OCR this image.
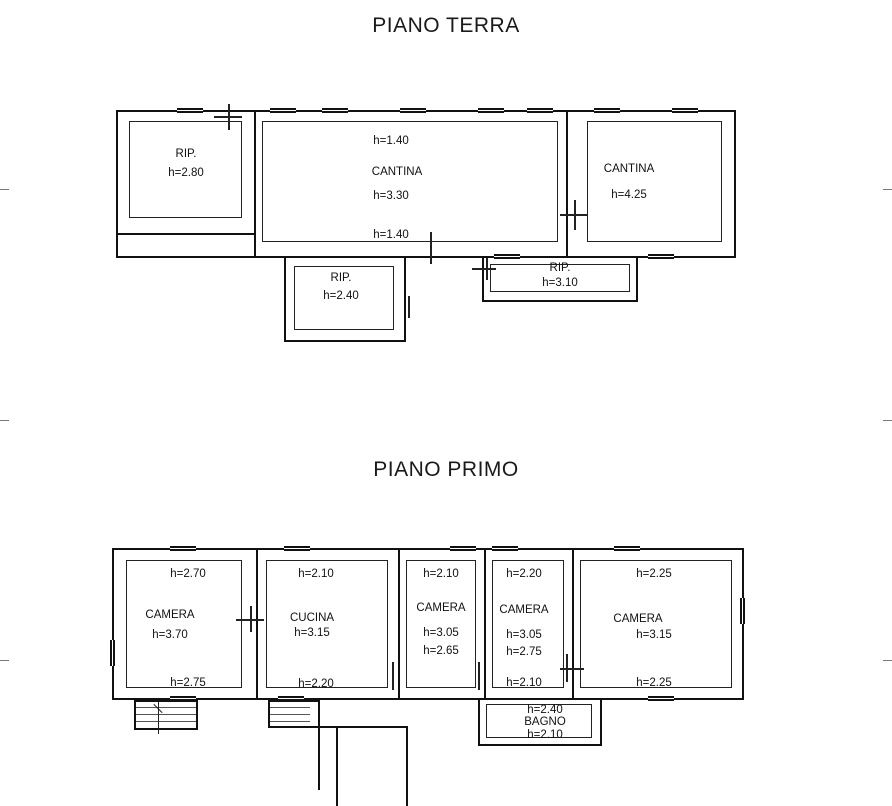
PIANO TERRA
PIANO PRIMO
RIP.
h=2.80
h=1.40
CANTINA
h=3.30
h=1.40
CANTINA
h=4.25
RIP.
h=2.40
RIP.
h=3.10
h=2.70
CAMERA
h=3.70
h=2.75
h=2.10
CUCINA
h=3.15
h=2.20
h=2.10
CAMERA
h=3.05
h=2.65
h=2.20
CAMERA
h=3.05
h=2.75
h=2.10
h=2.25
CAMERA
h=3.15
h=2.25
h=2.40
BAGNO
h=2.10
